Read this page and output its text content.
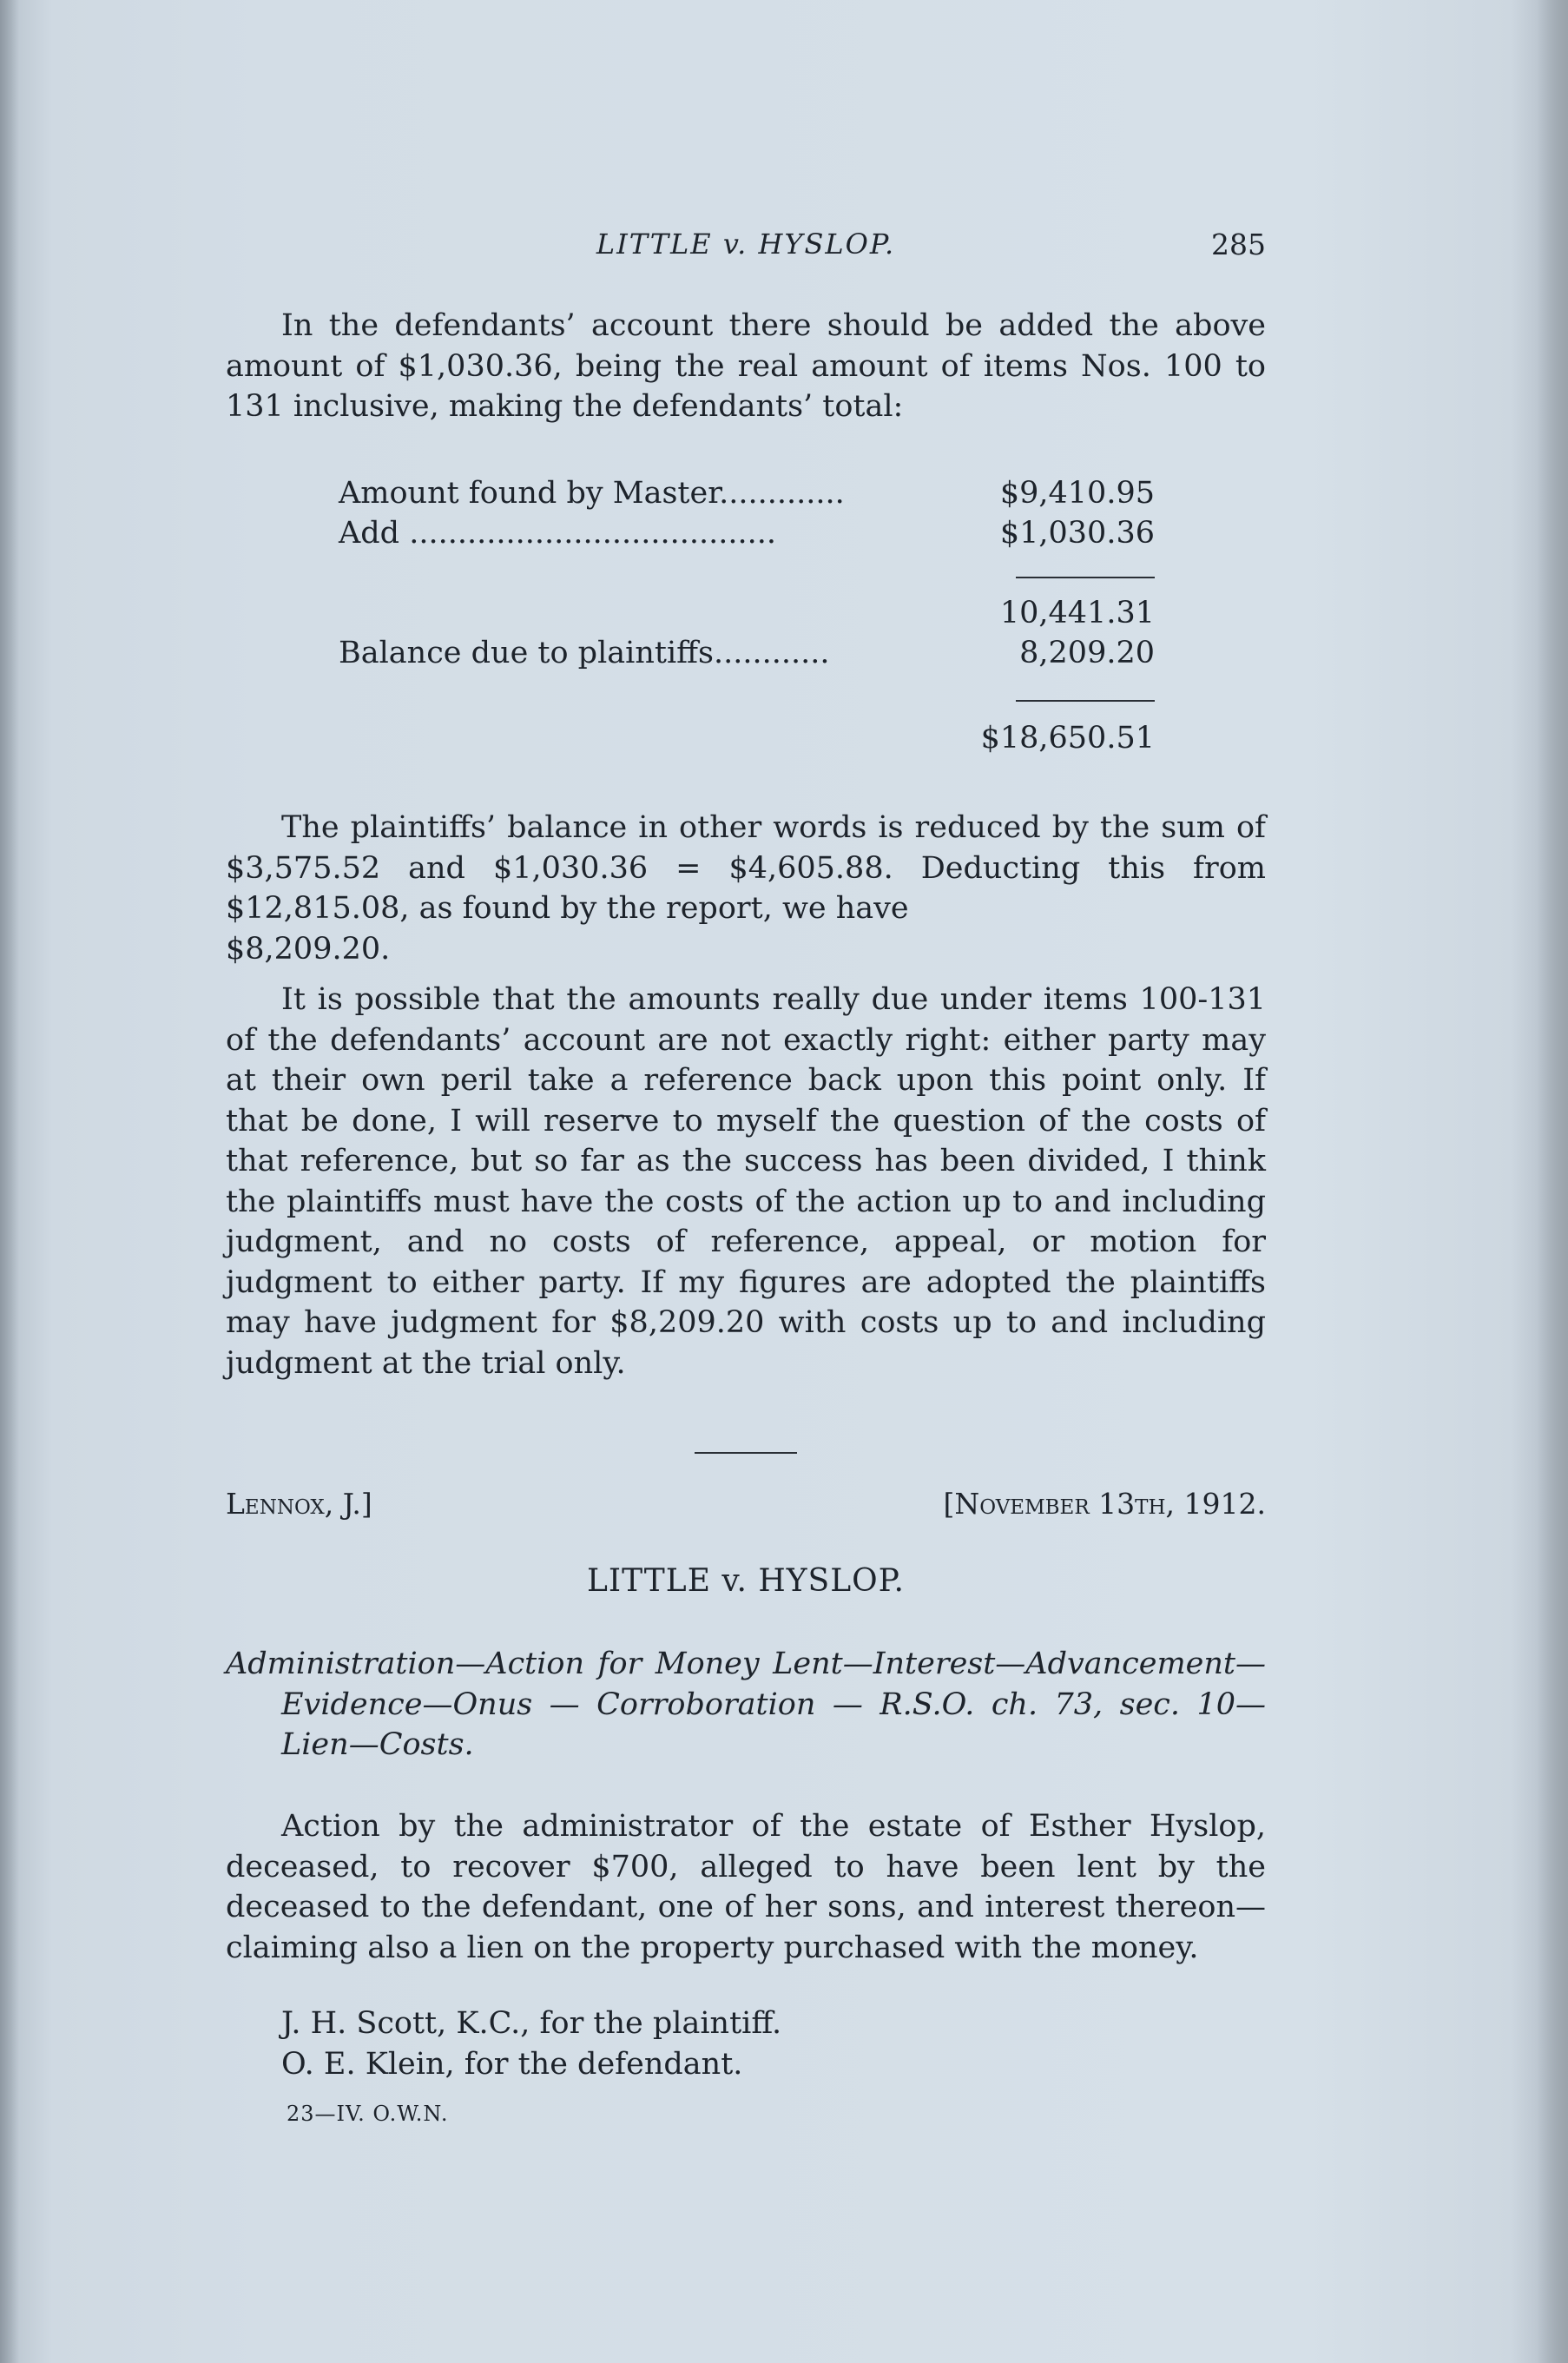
LITTLE v. HYSLOP.	285

In the defendants’ account there should be added the above amount of $1,030.36, being the real amount of items Nos. 100 to 131 inclusive, making the defendants’ total:

Amount found by Master.............	$9,410.95
Add ......................................	$1,030.36
10,441.31
Balance due to plaintiffs............	8,209.20
$18,650.51

The plaintiffs’ balance in other words is reduced by the sum of $3,575.52 and $1,030.36 = $4,605.88. Deducting this from $12,815.08, as found by the report, we have

$8,209.20.

It is possible that the amounts really due under items 100-131 of the defendants’ account are not exactly right: either party may at their own peril take a reference back upon this point only. If that be done, I will reserve to myself the question of the costs of that reference, but so far as the success has been divided, I think the plaintiffs must have the costs of the action up to and including judgment, and no costs of reference, appeal, or motion for judgment to either party. If my figures are adopted the plaintiffs may have judgment for $8,209.20 with costs up to and including judgment at the trial only.

Lennox, J.]	[November 13th, 1912.
LITTLE v. HYSLOP.
Administration—Action for Money Lent—Interest—Advancement—Evidence—Onus — Corroboration — R.S.O. ch. 73, sec. 10—Lien—Costs.

Action by the administrator of the estate of Esther Hyslop, deceased, to recover $700, alleged to have been lent by the deceased to the defendant, one of her sons, and interest thereon—claiming also a lien on the property purchased with the money.

J. H. Scott, K.C., for the plaintiff.
O. E. Klein, for the defendant.
23—IV. O.W.N.
